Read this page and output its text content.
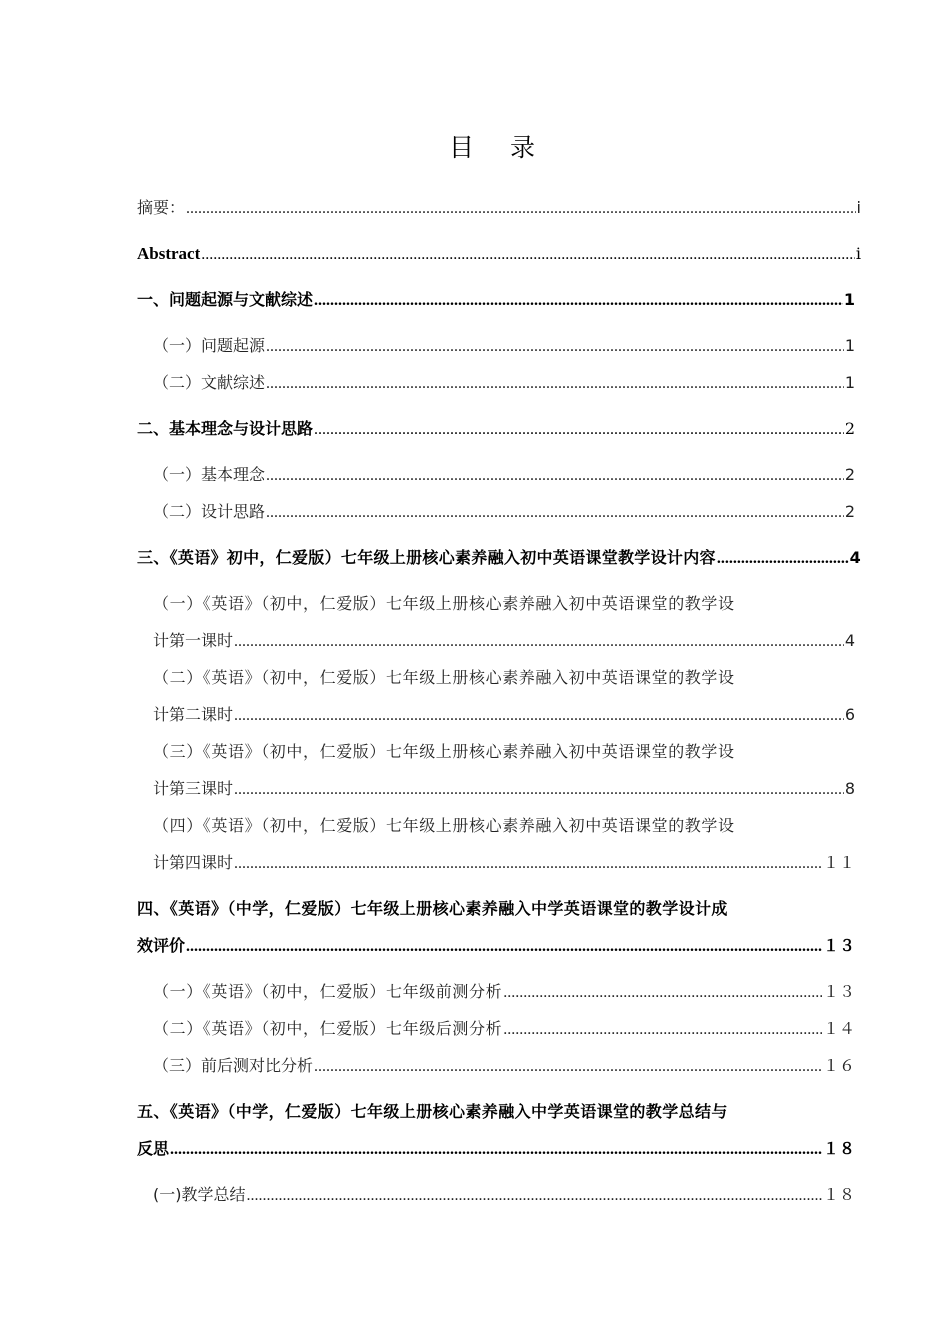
目 录
摘要： .....	i
Abstract .....	i
一、问题起源与文献综述 .....	1
（一）问题起源 .....	1
（二）文献综述 .....	1
二、基本理念与设计思路 .....	2
（一）基本理念 .....	2
（二）设计思路 .....	2
三、《英语》初中，仁爱版）七年级上册核心素养融入初中英语课堂教学设计内容 .....	4
（一）《英语》（初中，仁爱版）七年级上册核心素养融入初中英语课堂的教学设
计第一课时 .....	4
（二）《英语》（初中，仁爱版）七年级上册核心素养融入初中英语课堂的教学设
计第二课时 .....	6
（三）《英语》（初中，仁爱版）七年级上册核心素养融入初中英语课堂的教学设
计第三课时 .....	8
（四）《英语》（初中，仁爱版）七年级上册核心素养融入初中英语课堂的教学设
计第四课时 .....	１１
四、《英语》（中学，仁爱版）七年级上册核心素养融入中学英语课堂的教学设计成
效评价 .....	１３
（一）《英语》（初中，仁爱版）七年级前测分析 .....	１３
（二）《英语》（初中，仁爱版）七年级后测分析 .....	１４
（三）前后测对比分析 .....	１６
五、《英语》（中学，仁爱版）七年级上册核心素养融入中学英语课堂的教学总结与
反思 .....	１８
(一)教学总结 .....	１８
